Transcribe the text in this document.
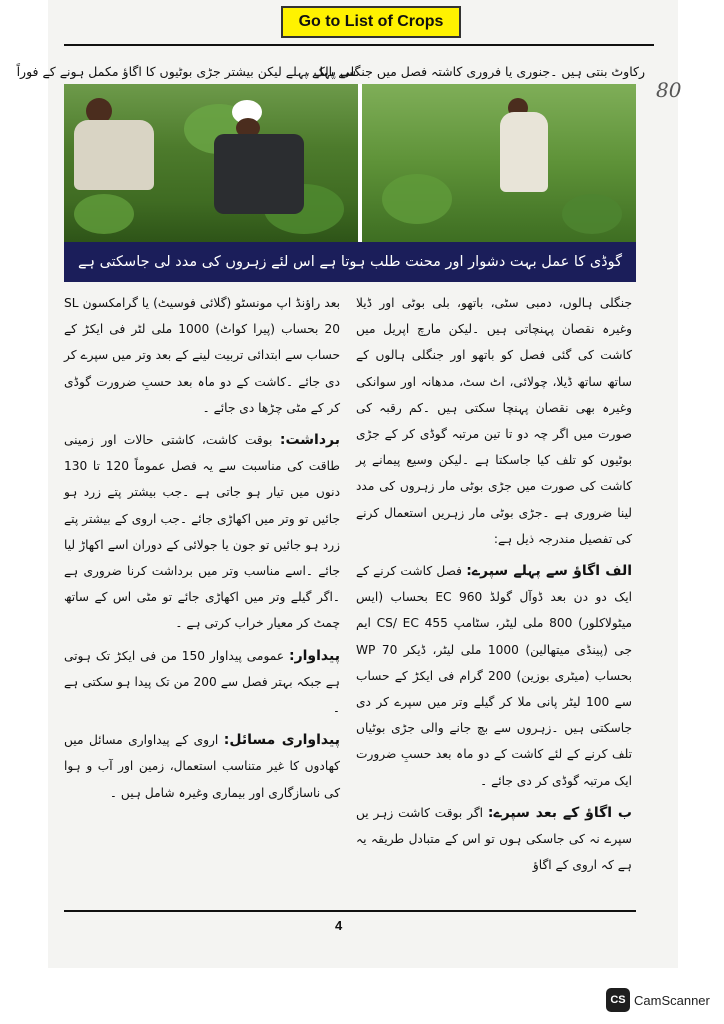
Go to List of Crops
80
رکاوٹ بنتی ہیں ۔جنوری یا فروری کاشتہ فصل میں جنگلی پالک ،
سے پہلے پہلے لیکن بیشتر جڑی بوٹیوں کا اگاؤ مکمل ہونے کے فوراً
گوڈی کا عمل بہت دشوار اور محنت طلب ہوتا ہے اس لئے زہروں کی مدد لی جاسکتی ہے

جنگلی ہالوں، دمبی سٹی، باتھو، بلی بوٹی اور ڈیلا وغیرہ نقصان پہنچاتی ہیں ۔لیکن مارچ اپریل میں کاشت کی گئی فصل کو باتھو اور جنگلی ہالوں کے ساتھ ساتھ ڈیلا، چولائی، اٹ سٹ، مدھانہ اور سوانکی وغیرہ بھی نقصان پہنچا سکتی ہیں ۔کم رقبہ کی صورت میں اگر چہ دو تا تین مرتبہ گوڈی کر کے جڑی بوٹیوں کو تلف کیا جاسکتا ہے ۔لیکن وسیع پیمانے پر کاشت کی صورت میں جڑی بوٹی مار زہروں کی مدد لینا ضروری ہے ۔جڑی بوٹی مار زہریں استعمال کرنے کی تفصیل مندرجہ ذیل ہے:

الف اگاؤ سے پہلے سپرے: فصل کاشت کرنے کے ایک دو دن بعد ڈوآل گولڈ EC 960 بحساب (ایس میٹولاکلور) 800 ملی لیٹر، سٹامپ 455 CS/ EC ایم جی (پینڈی میتھالین) 1000 ملی لیٹر، ڈیکر 70 WP بحساب (میٹری بوزین) 200 گرام فی ایکڑ کے حساب سے 100 لیٹر پانی ملا کر گیلے وتر میں سپرے کر دی جاسکتی ہیں ۔زہروں سے بچ جانے والی جڑی بوٹیاں تلف کرنے کے لئے کاشت کے دو ماہ بعد حسبِ ضرورت ایک مرتبہ گوڈی کر دی جائے ۔

ب اگاؤ کے بعد سپرے: اگر بوقت کاشت زہر یں سپرے نہ کی جاسکی ہوں تو اس کے متبادل طریقہ یہ ہے کہ اروی کے اگاؤ

بعد راؤنڈ اپ مونسٹو (گلائی فوسیٹ) یا گرامکسون SL 20 بحساب (پیرا کواٹ) 1000 ملی لٹر فی ایکڑ کے حساب سے ابتدائی تربیت لینے کے بعد وتر میں سپرے کر دی جائے ۔کاشت کے دو ماہ بعد حسبِ ضرورت گوڈی کر کے مٹی چڑھا دی جائے ۔

برداشت: بوقت کاشت، کاشتی حالات اور زمینی طاقت کی مناسبت سے یہ فصل عموماً 120 تا 130 دنوں میں تیار ہو جاتی ہے ۔جب بیشتر پتے زرد ہو جائیں تو وتر میں اکھاڑی جائے ۔جب اروی کے بیشتر پتے زرد ہو جائیں تو جون یا جولائی کے دوران اسے اکھاڑ لیا جائے ۔اسے مناسب وتر میں برداشت کرنا ضروری ہے ۔اگر گیلے وتر میں اکھاڑی جائے تو مٹی اس کے ساتھ چمٹ کر معیار خراب کرتی ہے ۔

پیداوار: عمومی پیداوار 150 من فی ایکڑ تک ہوتی ہے جبکہ بہتر فصل سے 200 من تک پیدا ہو سکتی ہے ۔

پیداواری مسائل: اروی کے پیداواری مسائل میں کھادوں کا غیر متناسب استعمال، زمین اور آب و ہوا کی ناسازگاری اور بیماری وغیرہ شامل ہیں ۔

4
CS CamScanner
